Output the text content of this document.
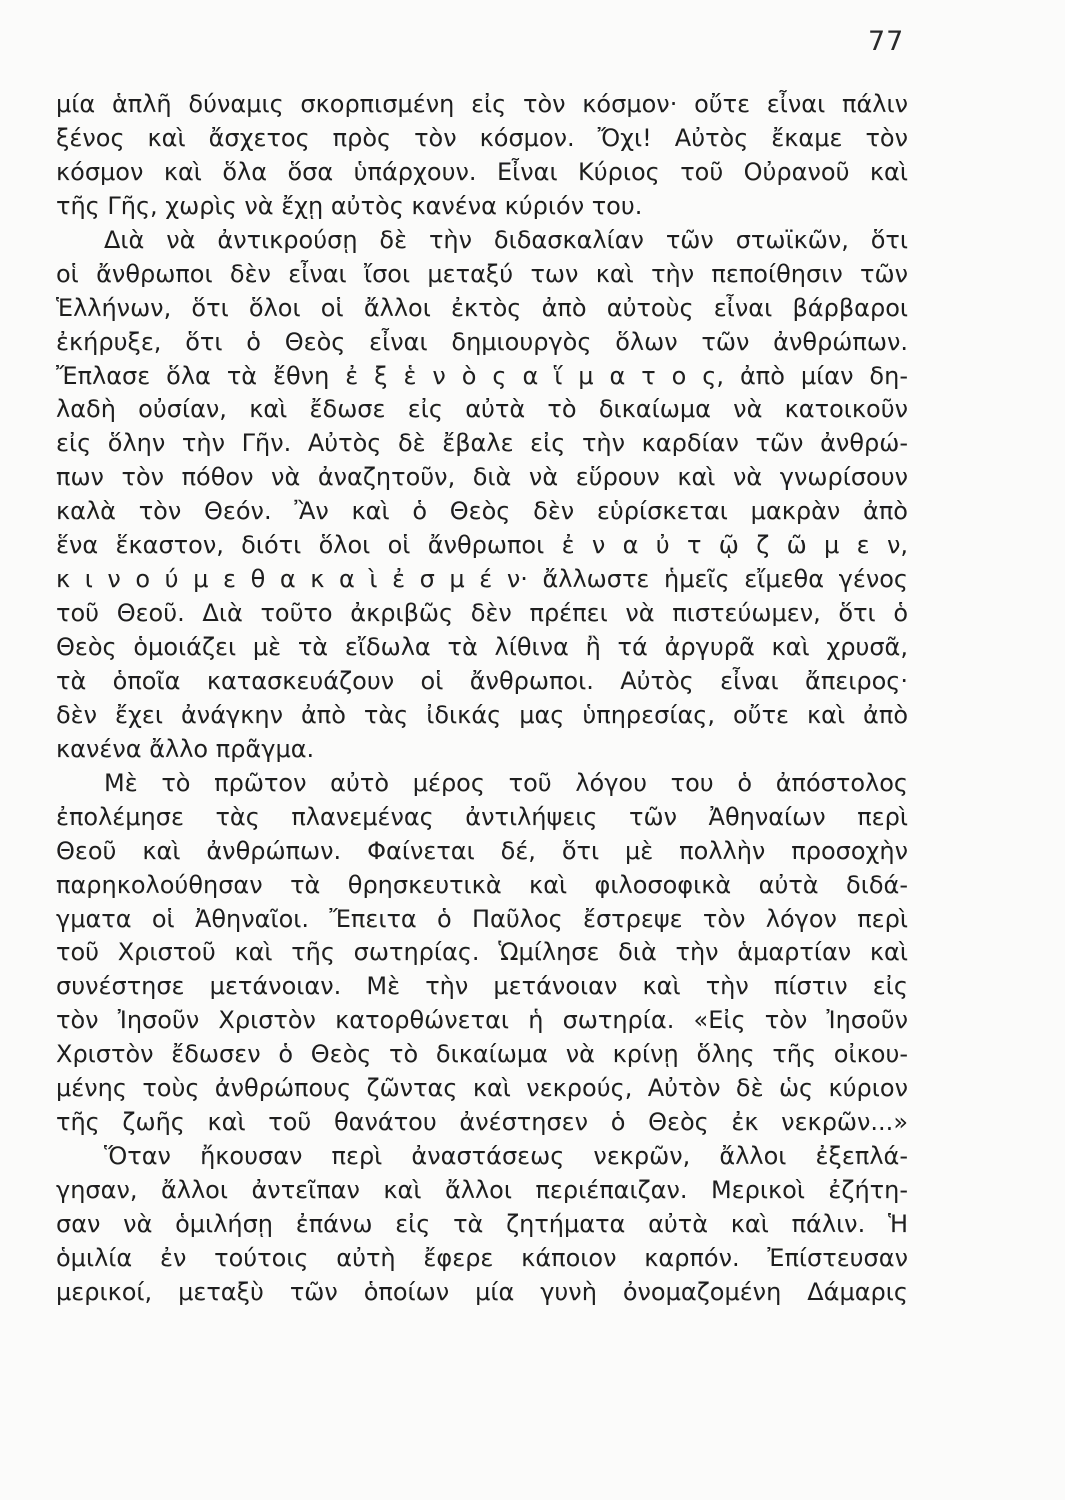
77
μία ἁπλῆ δύναμις σκορπισμένη εἰς τὸν κόσμον· οὔτε εἶναι πάλιν
ξένος καὶ ἄσχετος πρὸς τὸν κόσμον. Ὄχι! Αὐτὸς ἔκαμε τὸν
κόσμον καὶ ὅλα ὅσα ὑπάρχουν. Εἶναι Κύριος τοῦ Οὐρανοῦ καὶ
τῆς Γῆς, χωρὶς νὰ ἔχῃ αὐτὸς κανένα κύριόν του.
Διὰ νὰ ἀντικρούσῃ δὲ τὴν διδασκαλίαν τῶν στωϊκῶν, ὅτι
οἱ ἄνθρωποι δὲν εἶναι ἴσοι μεταξύ των καὶ τὴν πεποίθησιν τῶν
Ἑλλήνων, ὅτι ὅλοι οἱ ἄλλοι ἐκτὸς ἀπὸ αὐτοὺς εἶναι βάρβαροι
ἐκήρυξε, ὅτι ὁ Θεὸς εἶναι δημιουργὸς ὅλων τῶν ἀνθρώπων.
Ἔπλασε ὅλα τὰ ἔθνη ἐ ξ ἑ ν ὸ ς α ἵ μ α τ ο ς, ἀπὸ μίαν δη-
λαδὴ οὐσίαν, καὶ ἔδωσε εἰς αὐτὰ τὸ δικαίωμα νὰ κατοικοῦν
εἰς ὅλην τὴν Γῆν. Αὐτὸς δὲ ἔβαλε εἰς τὴν καρδίαν τῶν ἀνθρώ-
πων τὸν πόθον νὰ ἀναζητοῦν, διὰ νὰ εὕρουν καὶ νὰ γνωρίσουν
καλὰ τὸν Θεόν. Ἂν καὶ ὁ Θεὸς δὲν εὑρίσκεται μακρὰν ἀπὸ
ἕνα ἕκαστον, διότι ὅλοι οἱ ἄνθρωποι ἐ ν α ὐ τ ῷ ζ ῶ μ ε ν,
κ ι ν ο ύ μ ε θ α κ α ὶ ἐ σ μ έ ν· ἄλλωστε ἡμεῖς εἴμεθα γένος
τοῦ Θεοῦ. Διὰ τοῦτο ἀκριβῶς δὲν πρέπει νὰ πιστεύωμεν, ὅτι ὁ
Θεὸς ὁμοιάζει μὲ τὰ εἴδωλα τὰ λίθινα ἢ τά ἀργυρᾶ καὶ χρυσᾶ,
τὰ ὁποῖα κατασκευάζουν οἱ ἄνθρωποι. Αὐτὸς εἶναι ἄπειρος·
δὲν ἔχει ἀνάγκην ἀπὸ τὰς ἰδικάς μας ὑπηρεσίας, οὔτε καὶ ἀπὸ
κανένα ἄλλο πρᾶγμα.
Μὲ τὸ πρῶτον αὐτὸ μέρος τοῦ λόγου του ὁ ἀπόστολος
ἐπολέμησε τὰς πλανεμένας ἀντιλήψεις τῶν Ἀθηναίων περὶ
Θεοῦ καὶ ἀνθρώπων. Φαίνεται δέ, ὅτι μὲ πολλὴν προσοχὴν
παρηκολούθησαν τὰ θρησκευτικὰ καὶ φιλοσοφικὰ αὐτὰ διδά-
γματα οἱ Ἀθηναῖοι. Ἔπειτα ὁ Παῦλος ἔστρεψε τὸν λόγον περὶ
τοῦ Χριστοῦ καὶ τῆς σωτηρίας. Ὡμίλησε διὰ τὴν ἁμαρτίαν καὶ
συνέστησε μετάνοιαν. Μὲ τὴν μετάνοιαν καὶ τὴν πίστιν εἰς
τὸν Ἰησοῦν Χριστὸν κατορθώνεται ἡ σωτηρία. «Εἰς τὸν Ἰησοῦν
Χριστὸν ἔδωσεν ὁ Θεὸς τὸ δικαίωμα νὰ κρίνῃ ὅλης τῆς οἰκου-
μένης τοὺς ἀνθρώπους ζῶντας καὶ νεκρούς, Αὐτὸν δὲ ὡς κύριον
τῆς ζωῆς καὶ τοῦ θανάτου ἀνέστησεν ὁ Θεὸς ἐκ νεκρῶν...»
Ὅταν ἤκουσαν περὶ ἀναστάσεως νεκρῶν, ἄλλοι ἐξεπλά-
γησαν, ἄλλοι ἀντεῖπαν καὶ ἄλλοι περιέπαιζαν. Μερικοὶ ἐζήτη-
σαν νὰ ὁμιλήσῃ ἐπάνω εἰς τὰ ζητήματα αὐτὰ καὶ πάλιν. Ἡ
ὁμιλία ἐν τούτοις αὐτὴ ἔφερε κάποιον καρπόν. Ἐπίστευσαν
μερικοί, μεταξὺ τῶν ὁποίων μία γυνὴ ὀνομαζομένη Δάμαρις
